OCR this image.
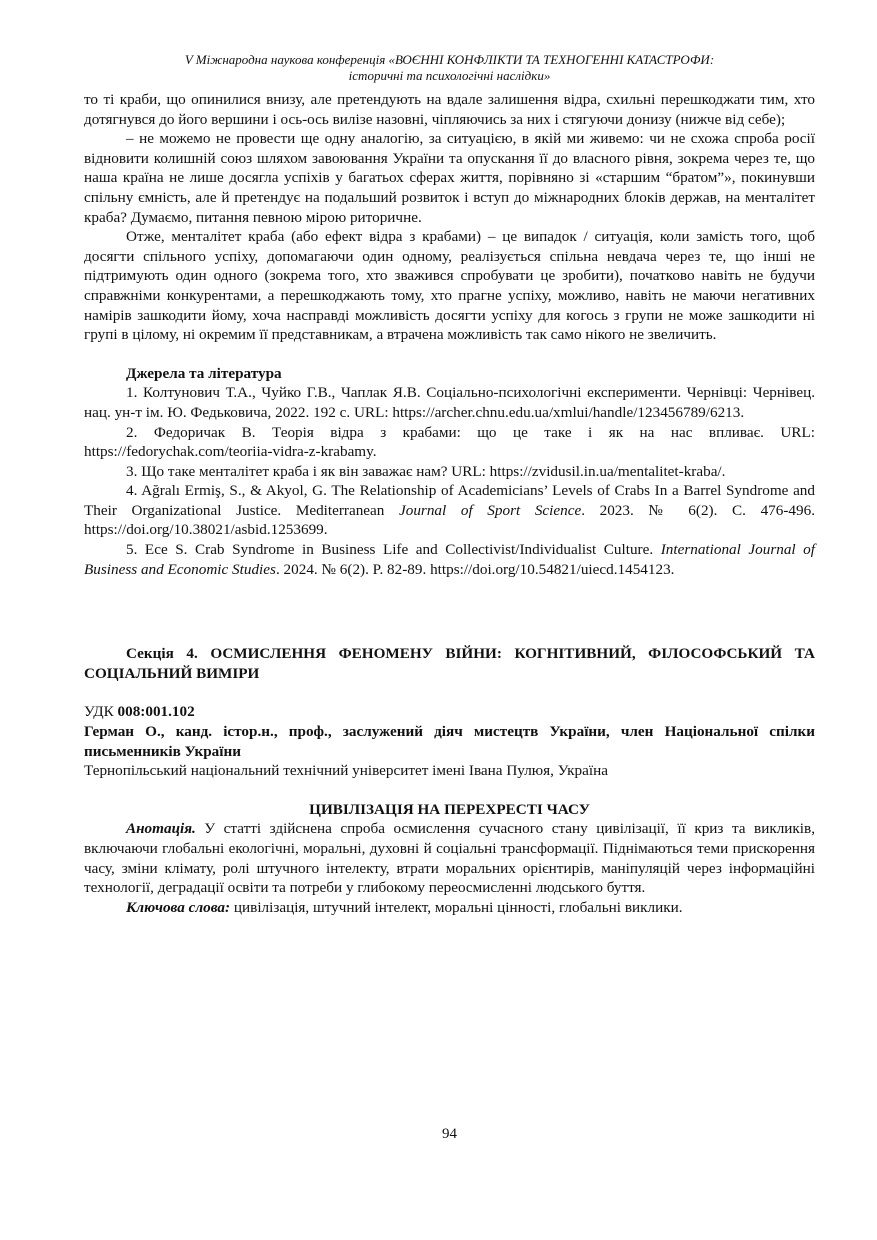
V Міжнародна наукова конференція «ВОЄННІ КОНФЛІКТИ ТА ТЕХНОГЕННІ КАТАСТРОФИ:
історичні та психологічні наслідки»

то ті краби, що опинилися внизу, але претендують на вдале залишення відра, схильні перешкоджати тим, хто дотягнувся до його вершини і ось-ось вилізе назовні, чіпляючись за них і стягуючи донизу (нижче від себе);

– не можемо не провести ще одну аналогію, за ситуацією, в якій ми живемо: чи не схожа спроба росії відновити колишній союз шляхом завоювання України та опускання її до власного рівня, зокрема через те, що наша країна не лише досягла успіхів у багатьох сферах життя, порівняно зі «старшим “братом”», покинувши спільну ємність, але й претендує на подальший розвиток і вступ до міжнародних блоків держав, на менталітет краба? Думаємо, питання певною мірою риторичне.

Отже, менталітет краба (або ефект відра з крабами) – це випадок / ситуація, коли замість того, щоб досягти спільного успіху, допомагаючи один одному, реалізується спільна невдача через те, що інші не підтримують один одного (зокрема того, хто зважився спробувати це зробити), початково навіть не будучи справжніми конкурентами, а перешкоджають тому, хто прагне успіху, можливо, навіть не маючи негативних намірів зашкодити йому, хоча насправді можливість досягти успіху для когось з групи не може зашкодити ні групі в цілому, ні окремим її представникам, а втрачена можливість так само нікого не звеличить.

Джерела та література

1. Колтунович Т.А., Чуйко Г.В., Чаплак Я.В. Соціально-психологічні експерименти. Чернівці: Чернівец. нац. ун-т ім. Ю. Федьковича, 2022. 192 с. URL: https://archer.chnu.edu.ua/xmlui/handle/123456789/6213.

2. Федоричак В. Теорія відра з крабами: що це таке і як на нас впливає. URL: https://fedorychak.com/teoriia-vidra-z-krabamy.

3. Що таке менталітет краба і як він заважає нам? URL: https://zvidusil.in.ua/mentalitet-kraba/.

4. Ağralı Ermiş, S., & Akyol, G. The Relationship of Academicians’ Levels of Crabs In a Barrel Syndrome and Their Organizational Justice. Mediterranean Journal of Sport Science. 2023. № 6(2). С. 476-496. https://doi.org/10.38021/asbid.1253699.

5. Ece S. Crab Syndrome in Business Life and Collectivist/Individualist Culture. International Journal of Business and Economic Studies. 2024. № 6(2). P. 82-89. https://doi.org/10.54821/uiecd.1454123.

Секція 4. ОСМИСЛЕННЯ ФЕНОМЕНУ ВІЙНИ: КОГНІТИВНИЙ, ФІЛОСОФСЬКИЙ ТА СОЦІАЛЬНИЙ ВИМІРИ

УДК 008:001.102

Герман О., канд. істор.н., проф., заслужений діяч мистецтв України, член Національної спілки письменників України

Тернопільський національний технічний університет імені Івана Пулюя, Україна

ЦИВІЛІЗАЦІЯ НА ПЕРЕХРЕСТІ ЧАСУ

Анотація. У статті здійснена спроба осмислення сучасного стану цивілізації, її криз та викликів, включаючи глобальні екологічні, моральні, духовні й соціальні трансформації. Піднімаються теми прискорення часу, зміни клімату, ролі штучного інтелекту, втрати моральних орієнтирів, маніпуляцій через інформаційні технології, деградації освіти та потреби у глибокому переосмисленні людського буття.

Ключова слова: цивілізація, штучний інтелект, моральні цінності, глобальні виклики.

94
